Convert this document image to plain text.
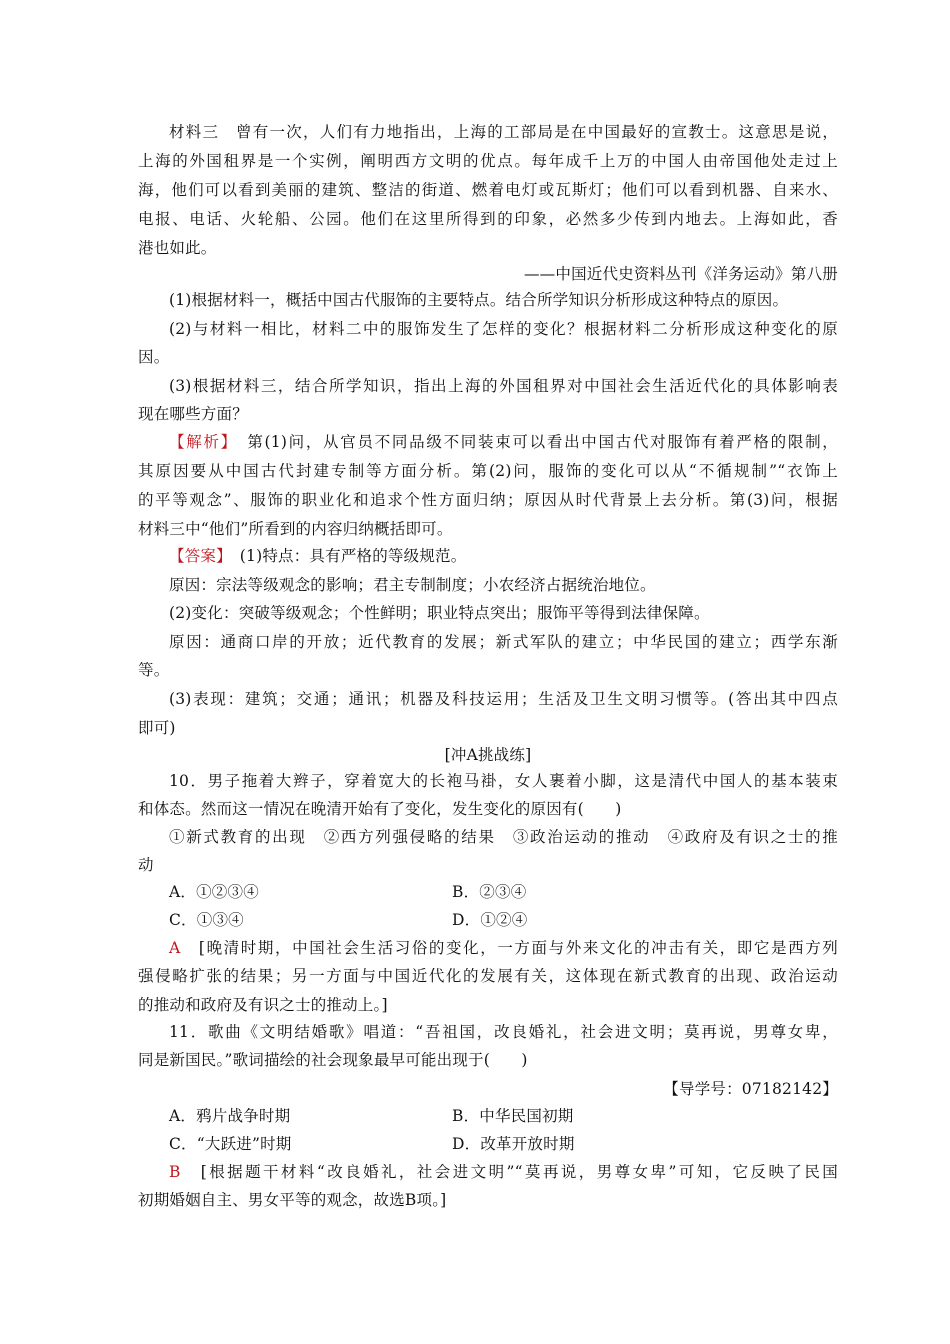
材料三　 曾有一次，人们有力地指出，上海的工部局是在中国最好的宣教士。这意思是说，
上海的外国租界是一个实例，阐明西方文明的优点。每年成千上万的中国人由帝国他处走过上
海，他们可以看到美丽的建筑、整洁的街道、燃着电灯或瓦斯灯；他们可以看到机器、自来水、
电报、电话、火轮船、公园。他们在这里所得到的印象，必然多少传到内地去。上海如此，香
港也如此。
——中国近代史资料丛刊《洋务运动》第八册
(1)根据材料一，概括中国古代服饰的主要特点。结合所学知识分析形成这种特点的原因。
(2)与材料一相比，材料二中的服饰发生了怎样的变化？根据材料二分析形成这种变化的原
因。
(3)根据材料三，结合所学知识，指出上海的外国租界对中国社会生活近代化的具体影响表
现在哪些方面？
【解析】　 第(1)问，从官员不同品级不同装束可以看出中国古代对服饰有着严格的限制，
其原因要从中国古代封建专制等方面分析。第(2)问，服饰的变化可以从“不循规制”“衣饰上
的平等观念”、服饰的职业化和追求个性方面归纳；原因从时代背景上去分析。第(3)问，根据
材料三中“他们”所看到的内容归纳概括即可。
【答案】　 (1)特点：具有严格的等级规范。
原因：宗法等级观念的影响；君主专制制度；小农经济占据统治地位。
(2)变化：突破等级观念；个性鲜明；职业特点突出；服饰平等得到法律保障。
原因：通商口岸的开放；近代教育的发展；新式军队的建立；中华民国的建立；西学东渐
等。
(3)表现：建筑；交通；通讯；机器及科技运用；生活及卫生文明习惯等。(答出其中四点
即可)
[冲A挑战练]
10．男子拖着大辫子，穿着宽大的长袍马褂，女人裹着小脚，这是清代中国人的基本装束
和体态。然而这一情况在晚清开始有了变化，发生变化的原因有(　　)
①新式教育的出现　②西方列强侵略的结果　③政治运动的推动　④政府及有识之士的推
动
A．①②③④	B．②③④
C．①③④	D．①②④
A　 [晚清时期，中国社会生活习俗的变化，一方面与外来文化的冲击有关，即它是西方列
强侵略扩张的结果；另一方面与中国近代化的发展有关，这体现在新式教育的出现、政治运动
的推动和政府及有识之士的推动上。]
11．歌曲《文明结婚歌》唱道：“吾祖国，改良婚礼，社会进文明；莫再说，男尊女卑，
同是新国民。”歌词描绘的社会现象最早可能出现于(　　)
【导学号：07182142】
A．鸦片战争时期	B．中华民国初期
C．“大跃进”时期	D．改革开放时期
B　 [根据题干材料“改良婚礼，社会进文明”“莫再说，男尊女卑”可知，它反映了民国
初期婚姻自主、男女平等的观念，故选B项。]
